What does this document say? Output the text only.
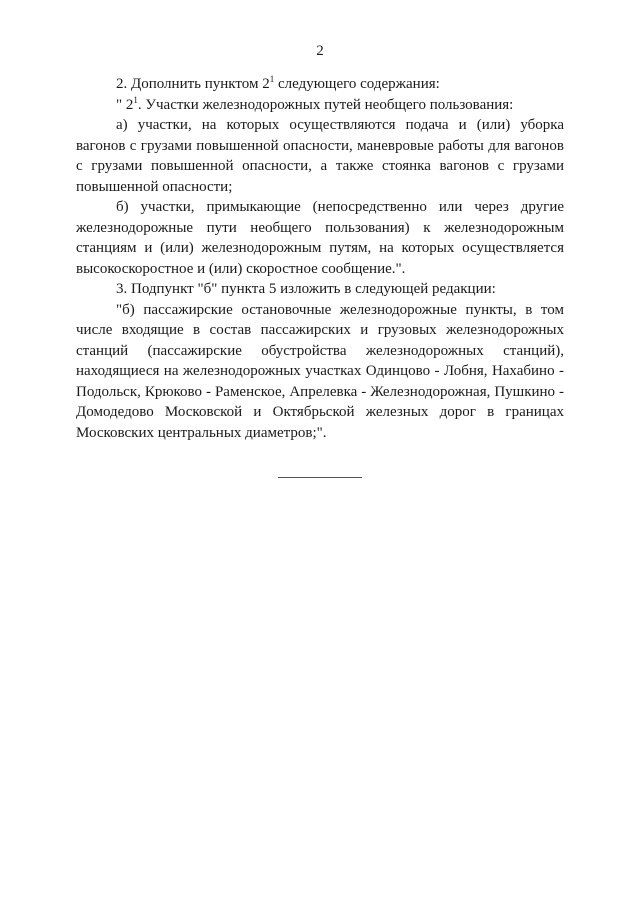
2

2. Дополнить пунктом $2^1$ следующего содержания:

" $2^1$. Участки железнодорожных путей необщего пользования:

а) участки, на которых осуществляются подача и (или) уборка вагонов с грузами повышенной опасности, маневровые работы для вагонов с грузами повышенной опасности, а также стоянка вагонов с грузами повышенной опасности;

б) участки, примыкающие (непосредственно или через другие железнодорожные пути необщего пользования) к железнодорожным станциям и (или) железнодорожным путям, на которых осуществляется высокоскоростное и (или) скоростное сообщение.".

3. Подпункт "б" пункта 5 изложить в следующей редакции:

"б) пассажирские остановочные железнодорожные пункты, в том числе входящие в состав пассажирских и грузовых железнодорожных станций (пассажирские обустройства железнодорожных станций), находящиеся на железнодорожных участках Одинцово - Лобня, Нахабино - Подольск, Крюково - Раменское, Апрелевка - Железнодорожная, Пушкино - Домодедово Московской и Октябрьской железных дорог в границах Московских центральных диаметров;".
